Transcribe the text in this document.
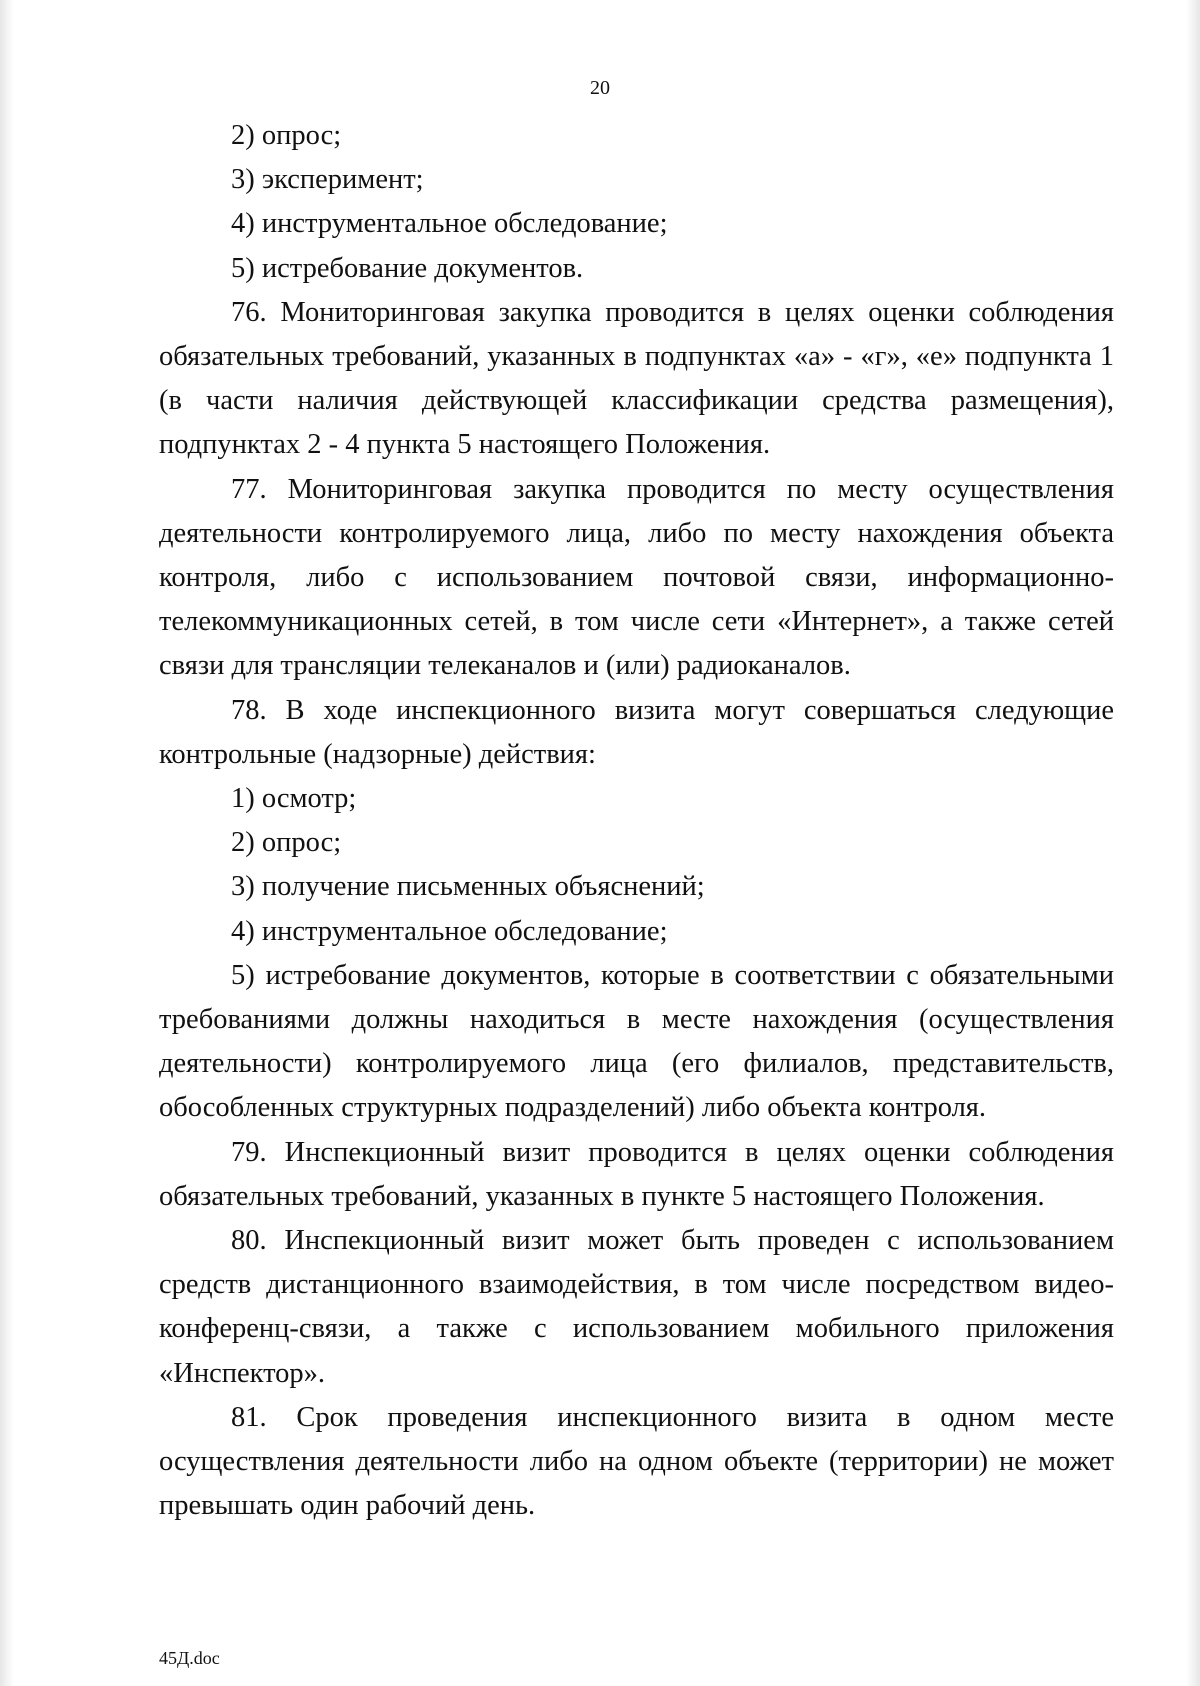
20

2) опрос;

3) эксперимент;

4) инструментальное обследование;

5) истребование документов.

76. Мониторинговая закупка проводится в целях оценки соблюдения обязательных требований, указанных в подпунктах «а» - «г», «е» подпункта 1 (в части наличия действующей классификации средства размещения), подпунктах 2 - 4 пункта 5 настоящего Положения.

77. Мониторинговая закупка проводится по месту осуществления деятельности контролируемого лица, либо по месту нахождения объекта контроля, либо с использованием почтовой связи, информационно-телекоммуникационных сетей, в том числе сети «Интернет», а также сетей связи для трансляции телеканалов и (или) радиоканалов.

78. В ходе инспекционного визита могут совершаться следующие контрольные (надзорные) действия:

1) осмотр;

2) опрос;

3) получение письменных объяснений;

4) инструментальное обследование;

5) истребование документов, которые в соответствии с обязательными требованиями должны находиться в месте нахождения (осуществления деятельности) контролируемого лица (его филиалов, представительств, обособленных структурных подразделений) либо объекта контроля.

79. Инспекционный визит проводится в целях оценки соблюдения обязательных требований, указанных в пункте 5 настоящего Положения.

80. Инспекционный визит может быть проведен с использованием средств дистанционного взаимодействия, в том числе посредством видео-конференц-связи, а также с использованием мобильного приложения «Инспектор».

81. Срок проведения инспекционного визита в одном месте осуществления деятельности либо на одном объекте (территории) не может превышать один рабочий день.

45Д.doc
